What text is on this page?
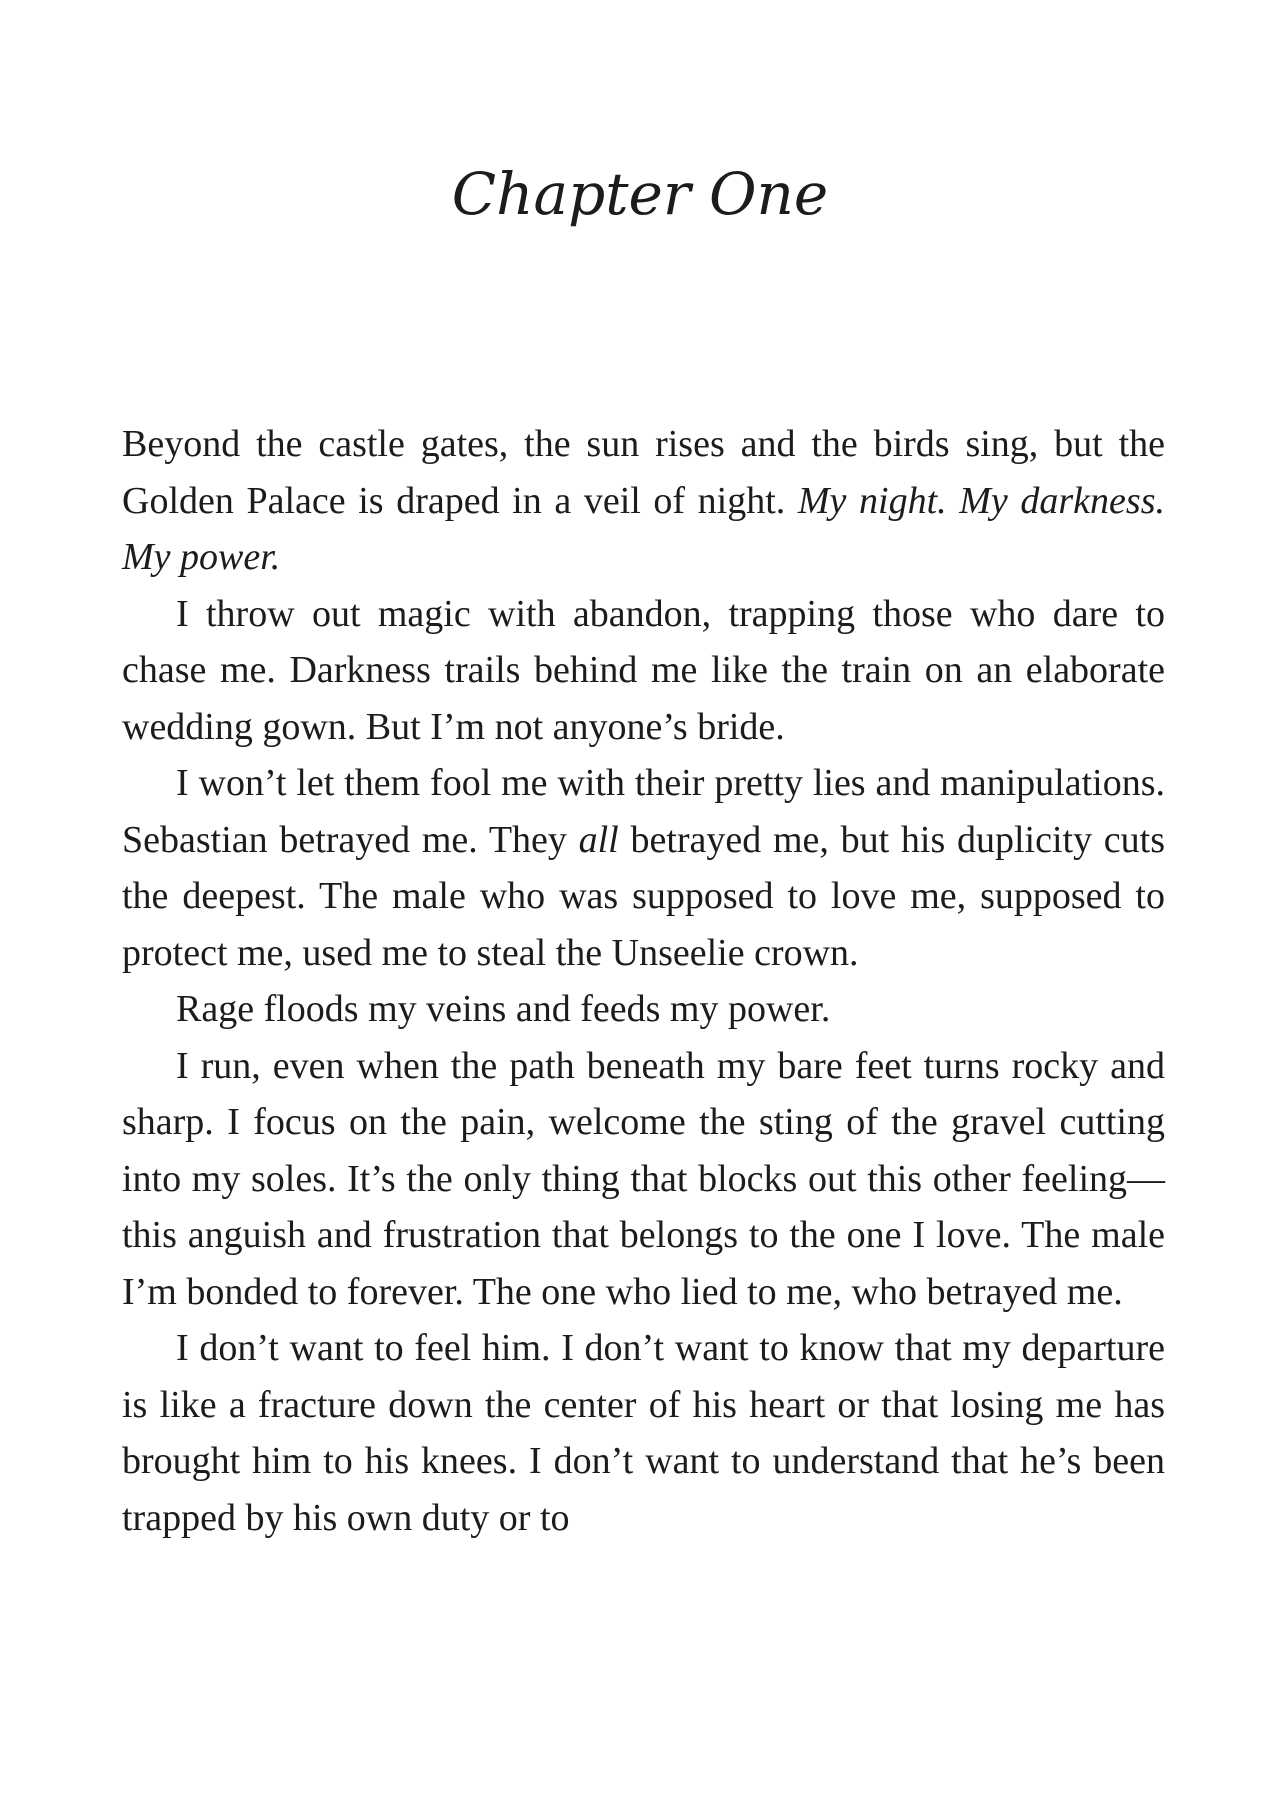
Chapter One

Beyond the castle gates, the sun rises and the birds sing, but the Golden Palace is draped in a veil of night. My night. My darkness. My power.

I throw out magic with abandon, trapping those who dare to chase me. Darkness trails behind me like the train on an elaborate wedding gown. But I’m not anyone’s bride.

I won’t let them fool me with their pretty lies and manipulations. Sebastian betrayed me. They all betrayed me, but his duplicity cuts the deepest. The male who was supposed to love me, supposed to protect me, used me to steal the Unseelie crown.

Rage floods my veins and feeds my power.

I run, even when the path beneath my bare feet turns rocky and sharp. I focus on the pain, welcome the sting of the gravel cutting into my soles. It’s the only thing that blocks out this other feeling—this anguish and frustration that belongs to the one I love. The male I’m bonded to forever. The one who lied to me, who betrayed me.

I don’t want to feel him. I don’t want to know that my departure is like a fracture down the center of his heart or that losing me has brought him to his knees. I don’t want to understand that he’s been trapped by his own duty or to
